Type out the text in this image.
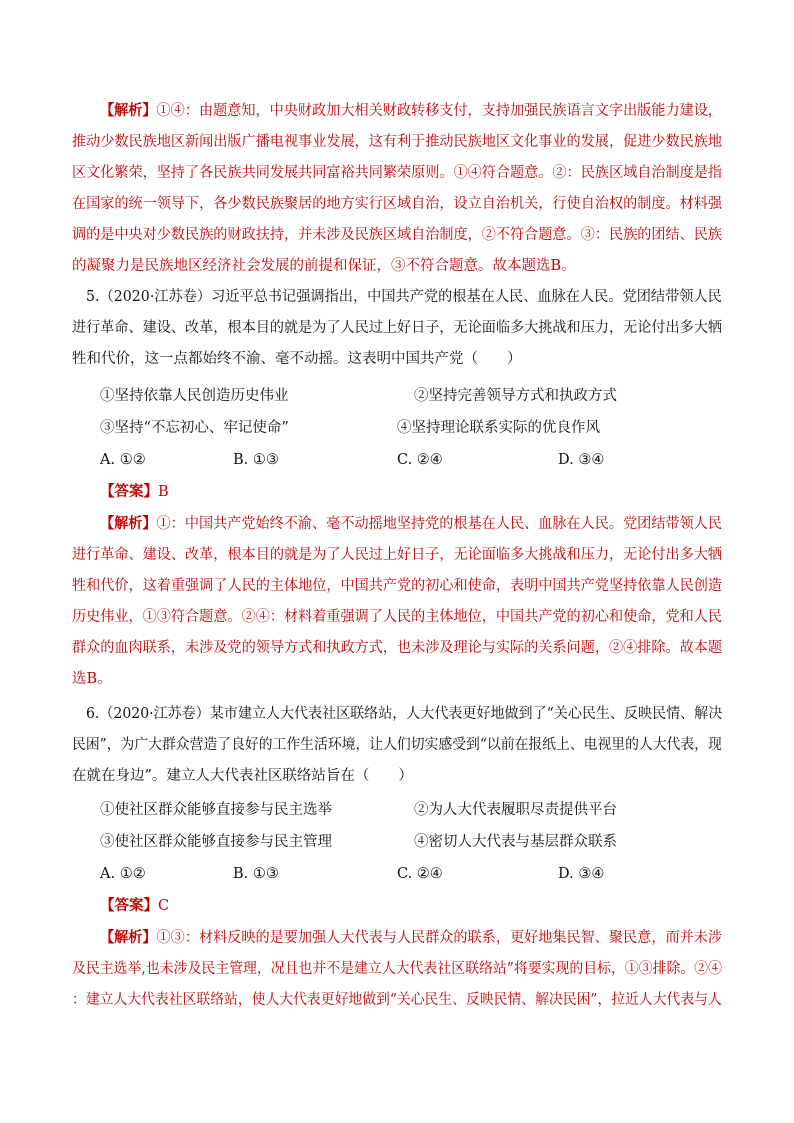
【解析】①④：由题意知，中央财政加大相关财政转移支付，支持加强民族语言文字出版能力建设，
推动少数民族地区新闻出版广播电视事业发展，这有利于推动民族地区文化事业的发展，促进少数民族地
区文化繁荣，坚持了各民族共同发展共同富裕共同繁荣原则。①④符合题意。②：民族区域自治制度是指
在国家的统一领导下，各少数民族聚居的地方实行区域自治，设立自治机关，行使自治权的制度。材料强
调的是中央对少数民族的财政扶持，并未涉及民族区域自治制度，②不符合题意。③：民族的团结、民族
的凝聚力是民族地区经济社会发展的前提和保证，③不符合题意。故本题选B。
5.（2020·江苏卷）习近平总书记强调指出，中国共产党的根基在人民、血脉在人民。党团结带领人民
进行革命、建设、改革，根本目的就是为了人民过上好日子，无论面临多大挑战和压力，无论付出多大牺
牲和代价，这一点都始终不渝、毫不动摇。这表明中国共产党（　　）
①坚持依靠人民创造历史伟业	②坚持完善领导方式和执政方式
③坚持“不忘初心、牢记使命”	④坚持理论联系实际的优良作风
A. ①②	B. ①③	C. ②④	D. ③④
【答案】B
【解析】①：中国共产党始终不渝、毫不动摇地坚持党的根基在人民、血脉在人民。党团结带领人民
进行革命、建设、改革，根本目的就是为了人民过上好日子，无论面临多大挑战和压力，无论付出多大牺
牲和代价，这着重强调了人民的主体地位，中国共产党的初心和使命，表明中国共产党坚持依靠人民创造
历史伟业，①③符合题意。②④：材料着重强调了人民的主体地位，中国共产党的初心和使命，党和人民
群众的血肉联系，未涉及党的领导方式和执政方式，也未涉及理论与实际的关系问题，②④排除。故本题
选B。
6.（2020·江苏卷）某市建立人大代表社区联络站，人大代表更好地做到了“关心民生、反映民情、解决
民困”，为广大群众营造了良好的工作生活环境，让人们切实感受到“以前在报纸上、电视里的人大代表，现
在就在身边”。建立人大代表社区联络站旨在（　　）
①使社区群众能够直接参与民主选举	②为人大代表履职尽责提供平台
③使社区群众能够直接参与民主管理	④密切人大代表与基层群众联系
A. ①②	B. ①③	C. ②④	D. ③④
【答案】C
【解析】①③：材料反映的是要加强人大代表与人民群众的联系，更好地集民智、聚民意，而并未涉
及民主选举,也未涉及民主管理，况且也并不是建立人大代表社区联络站”将要实现的目标，①③排除。②④
：建立人大代表社区联络站，使人大代表更好地做到“关心民生、反映民情、解决民困”，拉近人大代表与人
